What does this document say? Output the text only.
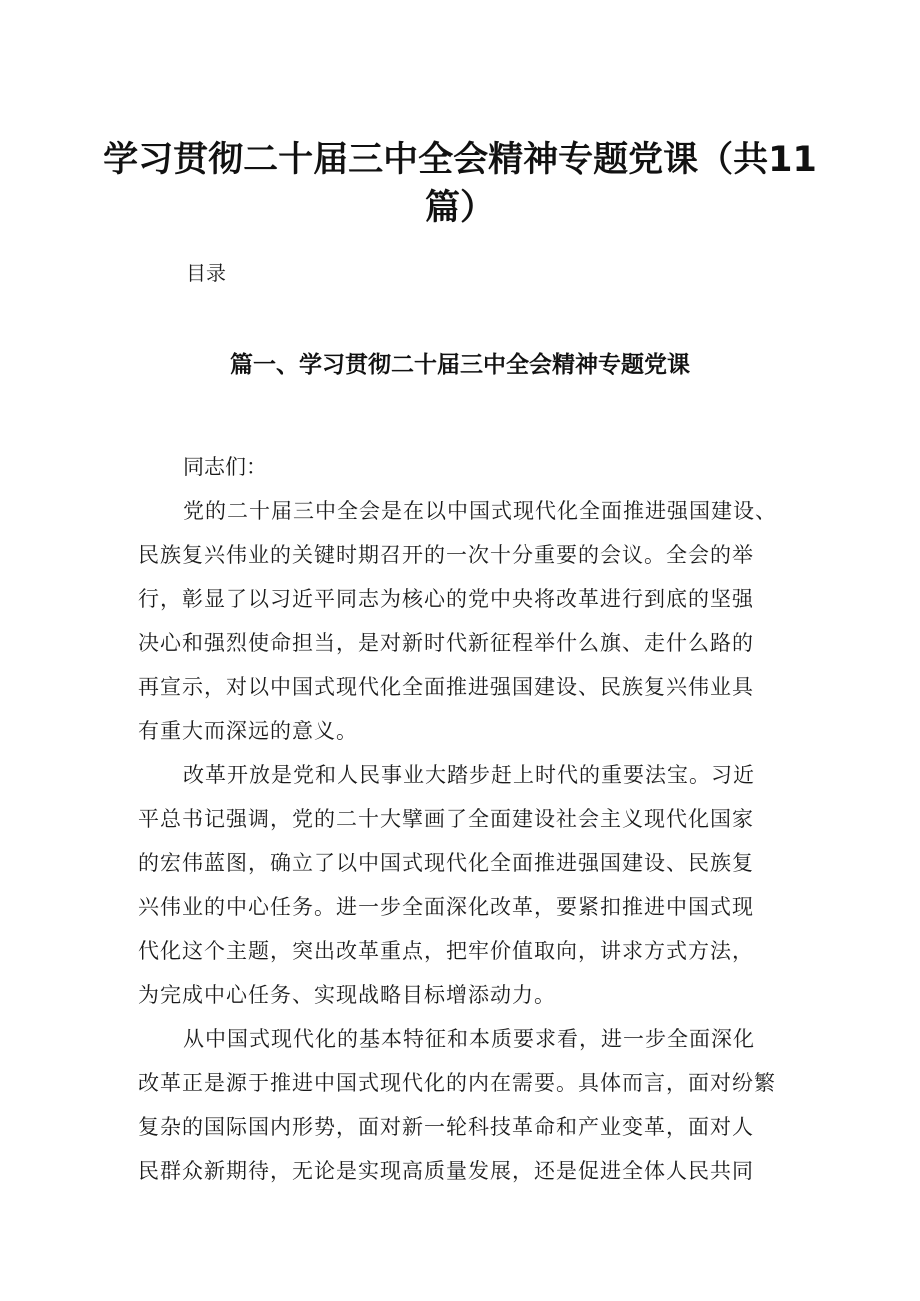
学习贯彻二十届三中全会精神专题党课（共11篇）

目录

篇一、学习贯彻二十届三中全会精神专题党课

同志们：

党的二十届三中全会是在以中国式现代化全面推进强国建设、

民族复兴伟业的关键时期召开的一次十分重要的会议。全会的举

行，彰显了以习近平同志为核心的党中央将改革进行到底的坚强

决心和强烈使命担当，是对新时代新征程举什么旗、走什么路的

再宣示，对以中国式现代化全面推进强国建设、民族复兴伟业具

有重大而深远的意义。

改革开放是党和人民事业大踏步赶上时代的重要法宝。习近

平总书记强调，党的二十大擘画了全面建设社会主义现代化国家

的宏伟蓝图，确立了以中国式现代化全面推进强国建设、民族复

兴伟业的中心任务。进一步全面深化改革，要紧扣推进中国式现

代化这个主题，突出改革重点，把牢价值取向，讲求方式方法，

为完成中心任务、实现战略目标增添动力。

从中国式现代化的基本特征和本质要求看，进一步全面深化

改革正是源于推进中国式现代化的内在需要。具体而言，面对纷繁

复杂的国际国内形势，面对新一轮科技革命和产业变革，面对人

民群众新期待，无论是实现高质量发展，还是促进全体人民共同
